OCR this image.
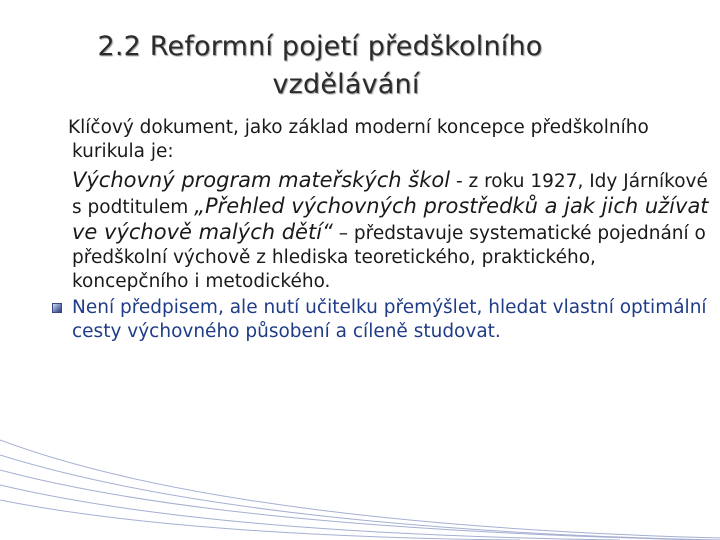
2.2 Reformní pojetí předškolního
vzdělávání

Klíčový dokument, jako základ moderní koncepce předškolního kurikula je:

Výchovný program mateřských škol - z roku 1927, Idy Járníkové s podtitulem „Přehled výchovných prostředků a jak jich užívat ve výchově malých dětí“ – představuje systematické pojednání o předškolní výchově z hlediska teoretického, praktického, koncepčního i metodického.

Není předpisem, ale nutí učitelku přemýšlet, hledat vlastní optimální cesty výchovného působení a cíleně studovat.
